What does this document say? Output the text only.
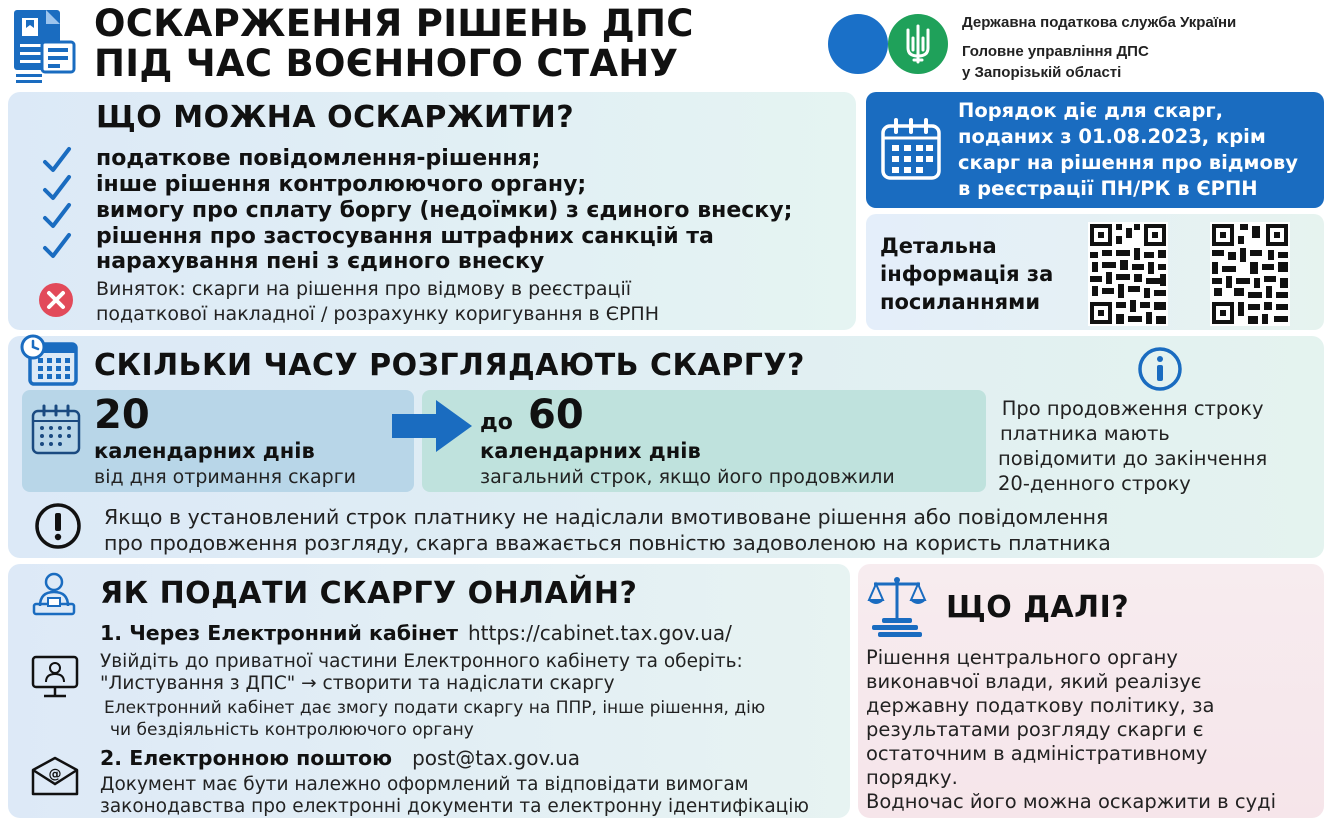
ОСКАРЖЕННЯ РІШЕНЬ ДПС
ПІД ЧАС ВОЄННОГО СТАНУ
Державна податкова служба України
Головне управління ДПС
у Запорізькій області
ЩО МОЖНА ОСКАРЖИТИ?
податкове повідомлення-рішення;
інше рішення контролюючого органу;
вимогу про сплату боргу (недоїмки) з єдиного внеску;
рішення про застосування штрафних санкцій та
нарахування пені з єдиного внеску
Виняток: скарги на рішення про відмову в реєстрації
податкової накладної / розрахунку коригування в ЄРПН
Порядок діє для скарг,
поданих з 01.08.2023, крім
скарг на рішення про відмову
в реєстрації ПН/РК в ЄРПН
Детальна
інформація за
посиланнями
СКІЛЬКИ ЧАСУ РОЗГЛЯДАЮТЬ СКАРГУ?
20
календарних днів
від дня отримання скарги
до 60
календарних днів
загальний строк, якщо його продовжили
Про продовження строку
платника мають
повідомити до закінчення
20-денного строку
Якщо в установлений строк платнику не надіслали вмотивоване рішення або повідомлення
про продовження розгляду, скарга вважається повністю задоволеною на користь платника
ЯК ПОДАТИ СКАРГУ ОНЛАЙН?
1. Через Електронний кабінет https://cabinet.tax.gov.ua/
Увійдіть до приватної частини Електронного кабінету та оберіть:
"Листування з ДПС" → створити та надіслати скаргу
Електронний кабінет дає змогу подати скаргу на ППР, інше рішення, дію
чи бездіяльність контролюючого органу
2. Електронною поштою post@tax.gov.ua
@ Документ має бути належно оформлений та відповідати вимогам
законодавства про електронні документи та електронну ідентифікацію
ЩО ДАЛІ?
Рішення центрального органу
виконавчої влади, який реалізує
державну податкову політику, за
результатами розгляду скарги є
остаточним в адміністративному
порядку.
Водночас його можна оскаржити в суді
